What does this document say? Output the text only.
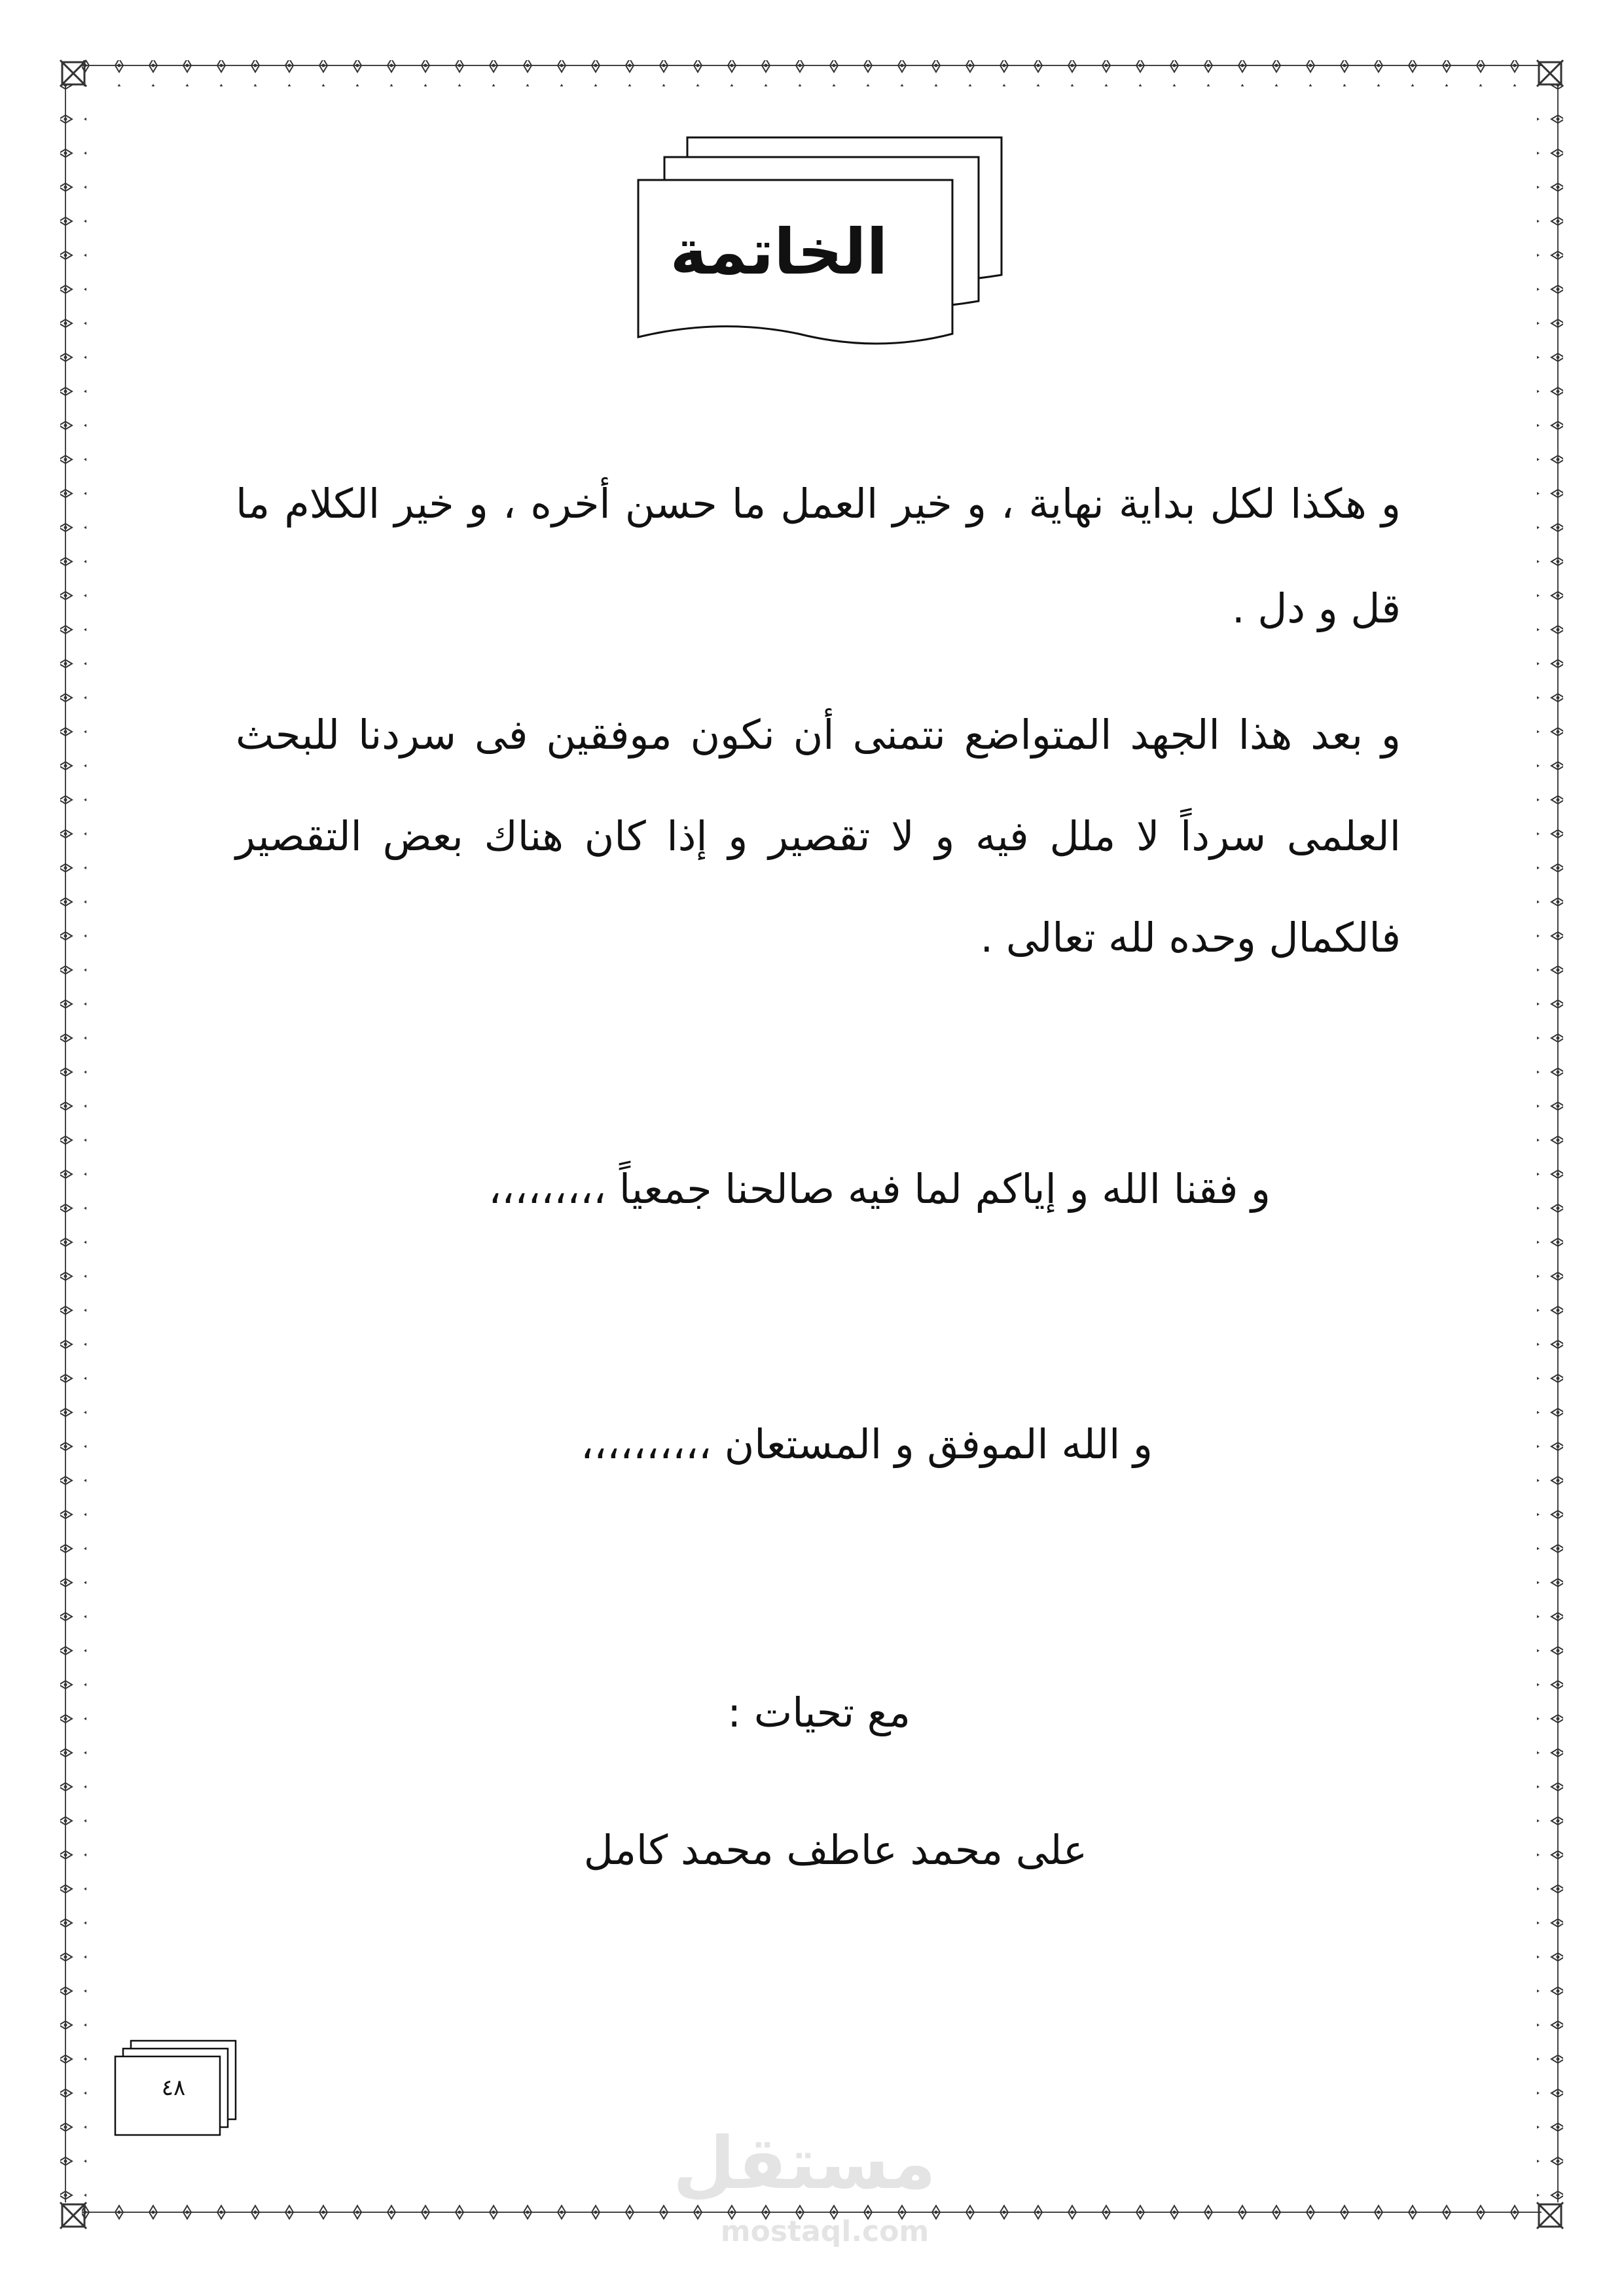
الخاتمة
و هكذا لكل بداية نهاية ، و خير العمل ما حسن أخره ، و خير الكلام ما قل و دل .
و بعد هذا الجهد المتواضع نتمنى أن نكون موفقين فى سردنا للبحث العلمى سرداً لا ملل فيه و لا تقصير و إذا كان هناك بعض التقصير فالكمال وحده لله تعالى .
و فقنا الله و إياكم لما فيه صالحنا جمعياً ،،،،،،،،،
و الله الموفق و المستعان ،،،،،،،،،،
مع تحيات :
على محمد عاطف محمد كامل
٤٨
مستقل
mostaql.com
